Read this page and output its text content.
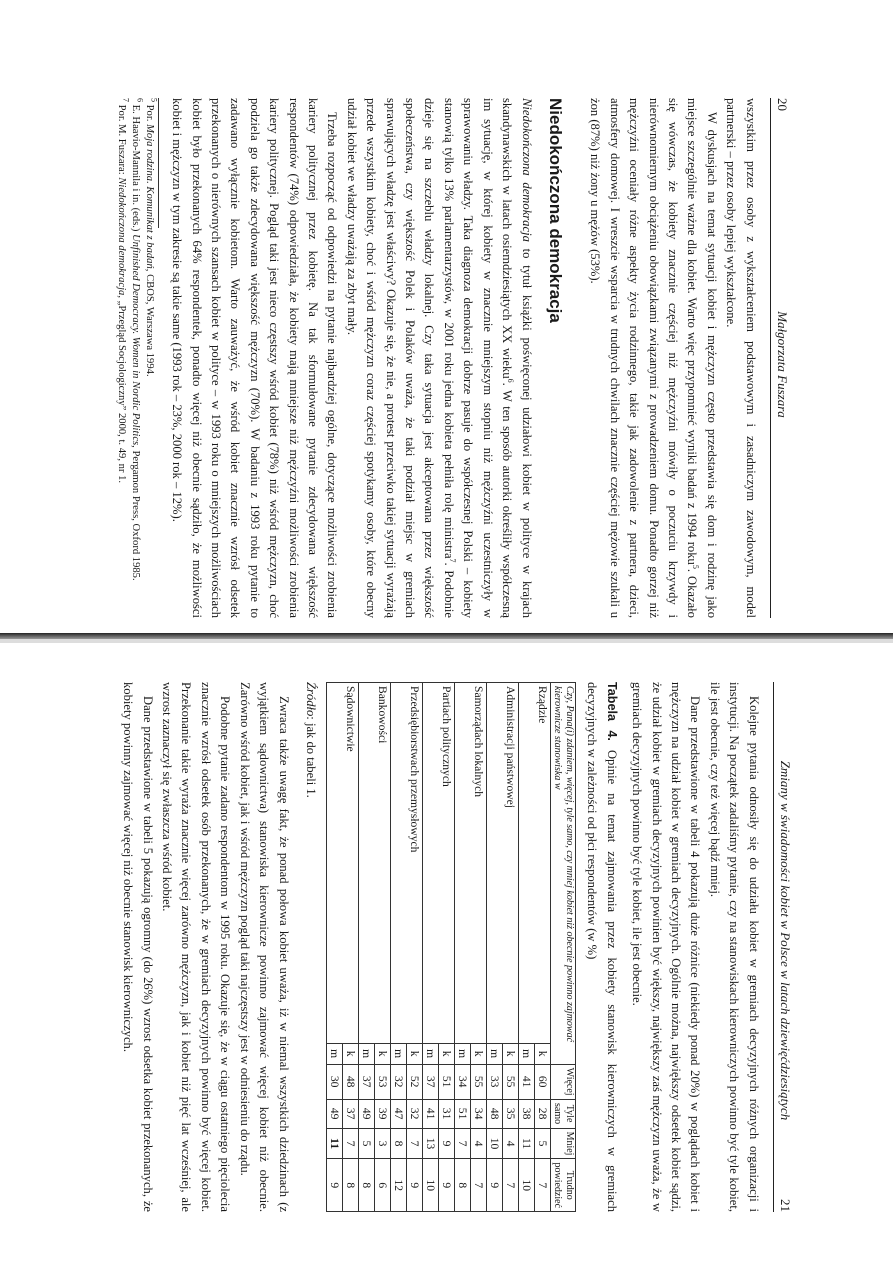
20
Małgorzata Fuszara

wszystkim przez osoby z wykształceniem podstawowym i zasadniczym zawodowym, model partnerski – przez osoby lepiej wykształcone.

W dyskusjach na temat sytuacji kobiet i mężczyzn często przedstawia się dom i rodzinę jako miejsce szczególnie ważne dla kobiet. Warto więc przypomnieć wyniki badań z 1994 roku$^5$. Okazało się wówczas, że kobiety znacznie częściej niż mężczyźni mówiły o poczuciu krzywdy i nierównomiernym obciążeniu obowiązkami związanymi z prowadzeniem domu. Ponadto gorzej niż mężczyźni oceniały różne aspekty życia rodzinnego, takie jak zadowolenie z partnera, dzieci, atmosfery domowej. I wreszcie wsparcia w trudnych chwilach znacznie częściej mężowie szukali u żon (87%) niż żony u mężów (53%).

Niedokończona demokracja

Niedokończona demokracja to tytuł książki poświęconej udziałowi kobiet w polityce w krajach skandynawskich w latach osiemdziesiątych XX wieku$^6$. W ten sposób autorki określiły współczesną im sytuację, w której kobiety w znacznie mniejszym stopniu niż mężczyźni uczestniczyły w sprawowaniu władzy. Taka diagnoza demokracji dobrze pasuje do współczesnej Polski – kobiety stanowią tylko 13% parlamentarzystów, w 2001 roku jedna kobieta pełniła rolę ministra$^7$. Podobnie dzieje się na szczeblu władzy lokalnej. Czy taka sytuacja jest akceptowana przez większość społeczeństwa, czy większość Polek i Polaków uważa, że taki podział miejsc w gremiach sprawujących władzę jest właściwy? Okazuje się, że nie, a protest przeciwko takiej sytuacji wyrażają przede wszystkim kobiety, choć i wśród mężczyzn coraz częściej spotykamy osoby, które obecny udział kobiet we władzy uważają za zbyt mały.

Trzeba rozpocząć od odpowiedzi na pytanie najbardziej ogólne, dotyczące możliwości zrobienia kariery politycznej przez kobietę. Na tak sformułowane pytanie zdecydowana większość respondentów (74%) odpowiedziała, że kobiety mają mniejsze niż mężczyźni możliwości zrobienia kariery politycznej. Pogląd taki jest nieco częstszy wśród kobiet (78%) niż wśród mężczyzn, choć podziela go także zdecydowana większość mężczyzn (70%). W badaniu z 1993 roku pytanie to zadawano wyłącznie kobietom. Warto zauważyć, że wśród kobiet znacznie wzrósł odsetek przekonanych o nierównych szansach kobiet w polityce – w 1993 roku o mniejszych możliwościach kobiet było przekonanych 64% respondentek, ponadto więcej niż obecnie sądziło, że możliwości kobiet i mężczyzn w tym zakresie są takie same (1993 rok – 23%, 2000 rok – 12%).

$^5$ Por. Moja rodzina. Komunikat z badań, CBOS, Warszawa 1994.

$^6$ E. Haavio-Mannila i in. (eds.) Unfinished Democracy. Women in Nordic Politics, Pergamon Press, Oxford 1985.

$^7$ Por. M. Fuszara: Niedokończona demokracja, „Przegląd Socjologiczny” 2000, t. 49, nr 1.

Zmiany w świadomości kobiet w Polsce w latach dziewięćdziesiątych
21

Kolejne pytania odnosiły się do udziału kobiet w gremiach decyzyjnych różnych organizacji i instytucji. Na początek zadaliśmy pytanie, czy na stanowiskach kierowniczych powinno być tyle kobiet, ile jest obecnie, czy też więcej bądź mniej.

Dane przedstawione w tabeli 4 pokazują duże różnice (niekiedy ponad 20%) w poglądach kobiet i mężczyzn na udział kobiet w gremiach decyzyjnych. Ogólnie można, największy odsetek kobiet sądzi, że udział kobiet w gremiach decyzyjnych powinien być większy, największy zaś mężczyzn uważa, że w gremiach decyzyjnych powinno być tyle kobiet, ile jest obecnie.

Tabela 4. Opinie na temat zajmowania przez kobiety stanowisk kierowniczych w gremiach decyzyjnych w zależności od płci respondentów (w %)

Czy, Pana(i) zdaniem, więcej, tyle samo, czy mniej kobiet niż obecnie powinno zajmować kierownicze stanowiska w		Więcej	Tyle samo	Mniej	Trudno powiedzieć
Rządzie	k	60	28	5	7
	m	41	38	11	10
Administracji państwowej	k	55	35	4	7
	m	33	48	10	9
Samorządach lokalnych	k	55	34	4	7
	m	34	51	7	8
Partiach politycznych	k	51	31	9	9
	m	37	41	13	10
Przedsiębiorstwach przemysłowych	k	52	32	7	9
	m	32	47	8	12
Bankowości	k	53	39	3	6
	m	37	49	5	8
Sądownictwie	k	48	37	7	8
	m	30	49	11	9

Źródło: jak do tabeli 1.

Zwraca także uwagę fakt, że ponad połowa kobiet uważa, iż w niemal wszystkich dziedzinach (z wyjątkiem sądownictwa) stanowiska kierownicze powinno zajmować więcej kobiet niż obecnie. Zarówno wśród kobiet, jak i wśród mężczyzn pogląd taki najczęstszy jest w odniesieniu do rządu.

Podobne pytanie zadano respondentom w 1995 roku. Okazuje się, że w ciągu ostatniego pięciolecia znacznie wzrósł odsetek osób przekonanych, że w gremiach decyzyjnych powinno być więcej kobiet. Przekonanie takie wyraża znacznie więcej zarówno mężczyzn, jak i kobiet niż pięć lat wcześniej, ale wzrost zaznaczył się zwłaszcza wśród kobiet.

Dane przedstawione w tabeli 5 pokazują ogromny (do 26%) wzrost odsetka kobiet przekonanych, że kobiety powinny zajmować więcej niż obecnie stanowisk kierowniczych.
